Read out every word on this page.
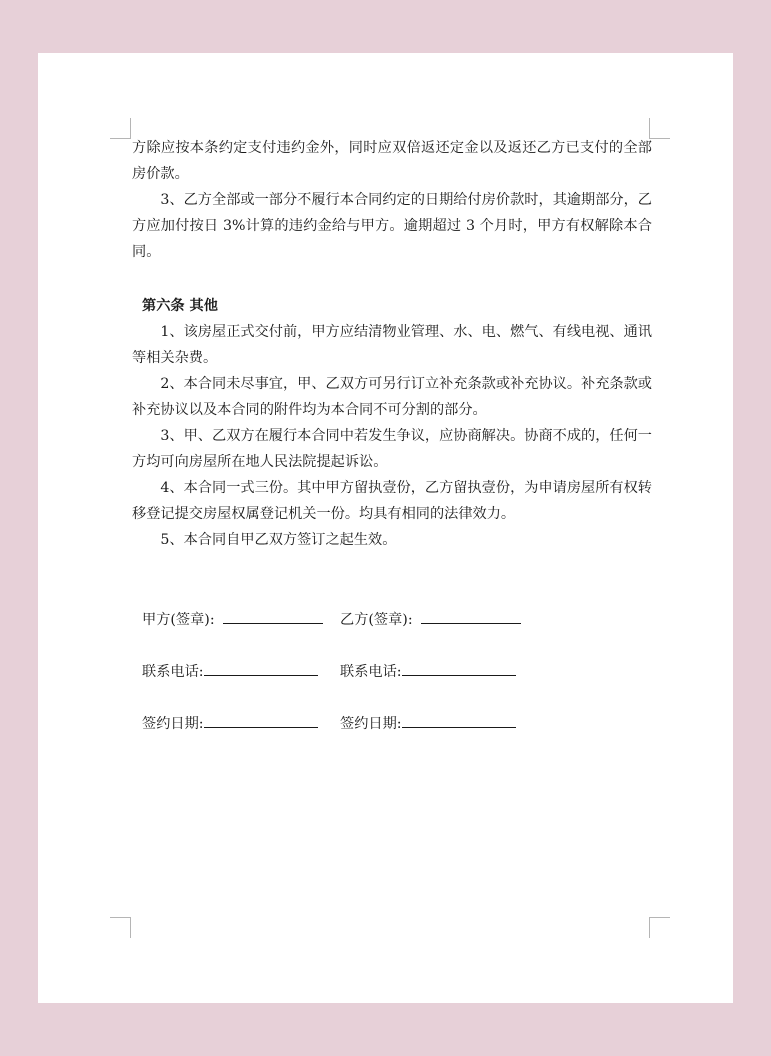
方除应按本条约定支付违约金外，同时应双倍返还定金以及返还乙方已支付的全部房价款。

3、乙方全部或一部分不履行本合同约定的日期给付房价款时，其逾期部分，乙方应加付按日 3%计算的违约金给与甲方。逾期超过 3 个月时，甲方有权解除本合同。

第六条 其他

1、该房屋正式交付前，甲方应结清物业管理、水、电、燃气、有线电视、通讯等相关杂费。

2、本合同未尽事宜，甲、乙双方可另行订立补充条款或补充协议。补充条款或补充协议以及本合同的附件均为本合同不可分割的部分。

3、甲、乙双方在履行本合同中若发生争议，应协商解决。协商不成的，任何一方均可向房屋所在地人民法院提起诉讼。

4、本合同一式三份。其中甲方留执壹份，乙方留执壹份，为申请房屋所有权转移登记提交房屋权属登记机关一份。均具有相同的法律效力。

5、本合同自甲乙双方签订之起生效。

甲方(签章):	乙方(签章):
联系电话:	联系电话:
签约日期:	签约日期:
